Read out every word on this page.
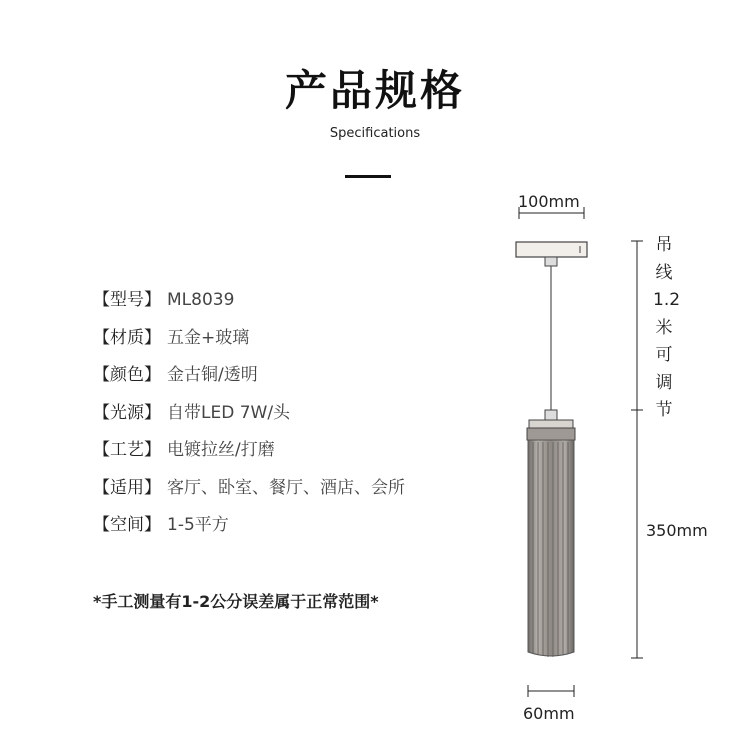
产品规格
Specifications
【型号】 ML8039
【材质】 五金+玻璃
【颜色】 金古铜/透明
【光源】 自带LED 7W/头
【工艺】 电镀拉丝/打磨
【适用】 客厅、卧室、餐厅、酒店、会所
【空间】 1-5平方
*手工测量有1-2公分误差属于正常范围*
100mm
吊
线
1.2
米
可
调
节
350mm
60mm
